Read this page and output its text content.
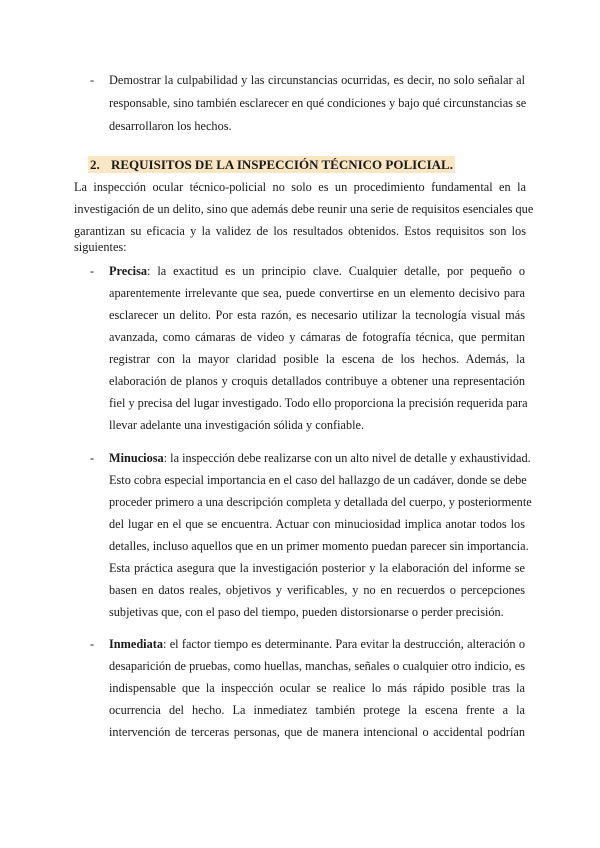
-	Demostrar la culpabilidad y las circunstancias ocurridas, es decir, no solo señalar al

responsable, sino también esclarecer en qué condiciones y bajo qué circunstancias se

desarrollaron los hechos.

2. REQUISITOS DE LA INSPECCIÓN TÉCNICO POLICIAL.

La inspección ocular técnico-policial no solo es un procedimiento fundamental en la

investigación de un delito, sino que además debe reunir una serie de requisitos esenciales que

garantizan su eficacia y la validez de los resultados obtenidos. Estos requisitos son los

siguientes:

-	Precisa: la exactitud es un principio clave. Cualquier detalle, por pequeño o

aparentemente irrelevante que sea, puede convertirse en un elemento decisivo para

esclarecer un delito. Por esta razón, es necesario utilizar la tecnología visual más

avanzada, como cámaras de video y cámaras de fotografía técnica, que permitan

registrar con la mayor claridad posible la escena de los hechos. Además, la

elaboración de planos y croquis detallados contribuye a obtener una representación

fiel y precisa del lugar investigado. Todo ello proporciona la precisión requerida para

llevar adelante una investigación sólida y confiable.

-	Minuciosa: la inspección debe realizarse con un alto nivel de detalle y exhaustividad.

Esto cobra especial importancia en el caso del hallazgo de un cadáver, donde se debe

proceder primero a una descripción completa y detallada del cuerpo, y posteriormente

del lugar en el que se encuentra. Actuar con minuciosidad implica anotar todos los

detalles, incluso aquellos que en un primer momento puedan parecer sin importancia.

Esta práctica asegura que la investigación posterior y la elaboración del informe se

basen en datos reales, objetivos y verificables, y no en recuerdos o percepciones

subjetivas que, con el paso del tiempo, pueden distorsionarse o perder precisión.

-	Inmediata: el factor tiempo es determinante. Para evitar la destrucción, alteración o

desaparición de pruebas, como huellas, manchas, señales o cualquier otro indicio, es

indispensable que la inspección ocular se realice lo más rápido posible tras la

ocurrencia del hecho. La inmediatez también protege la escena frente a la

intervención de terceras personas, que de manera intencional o accidental podrían
